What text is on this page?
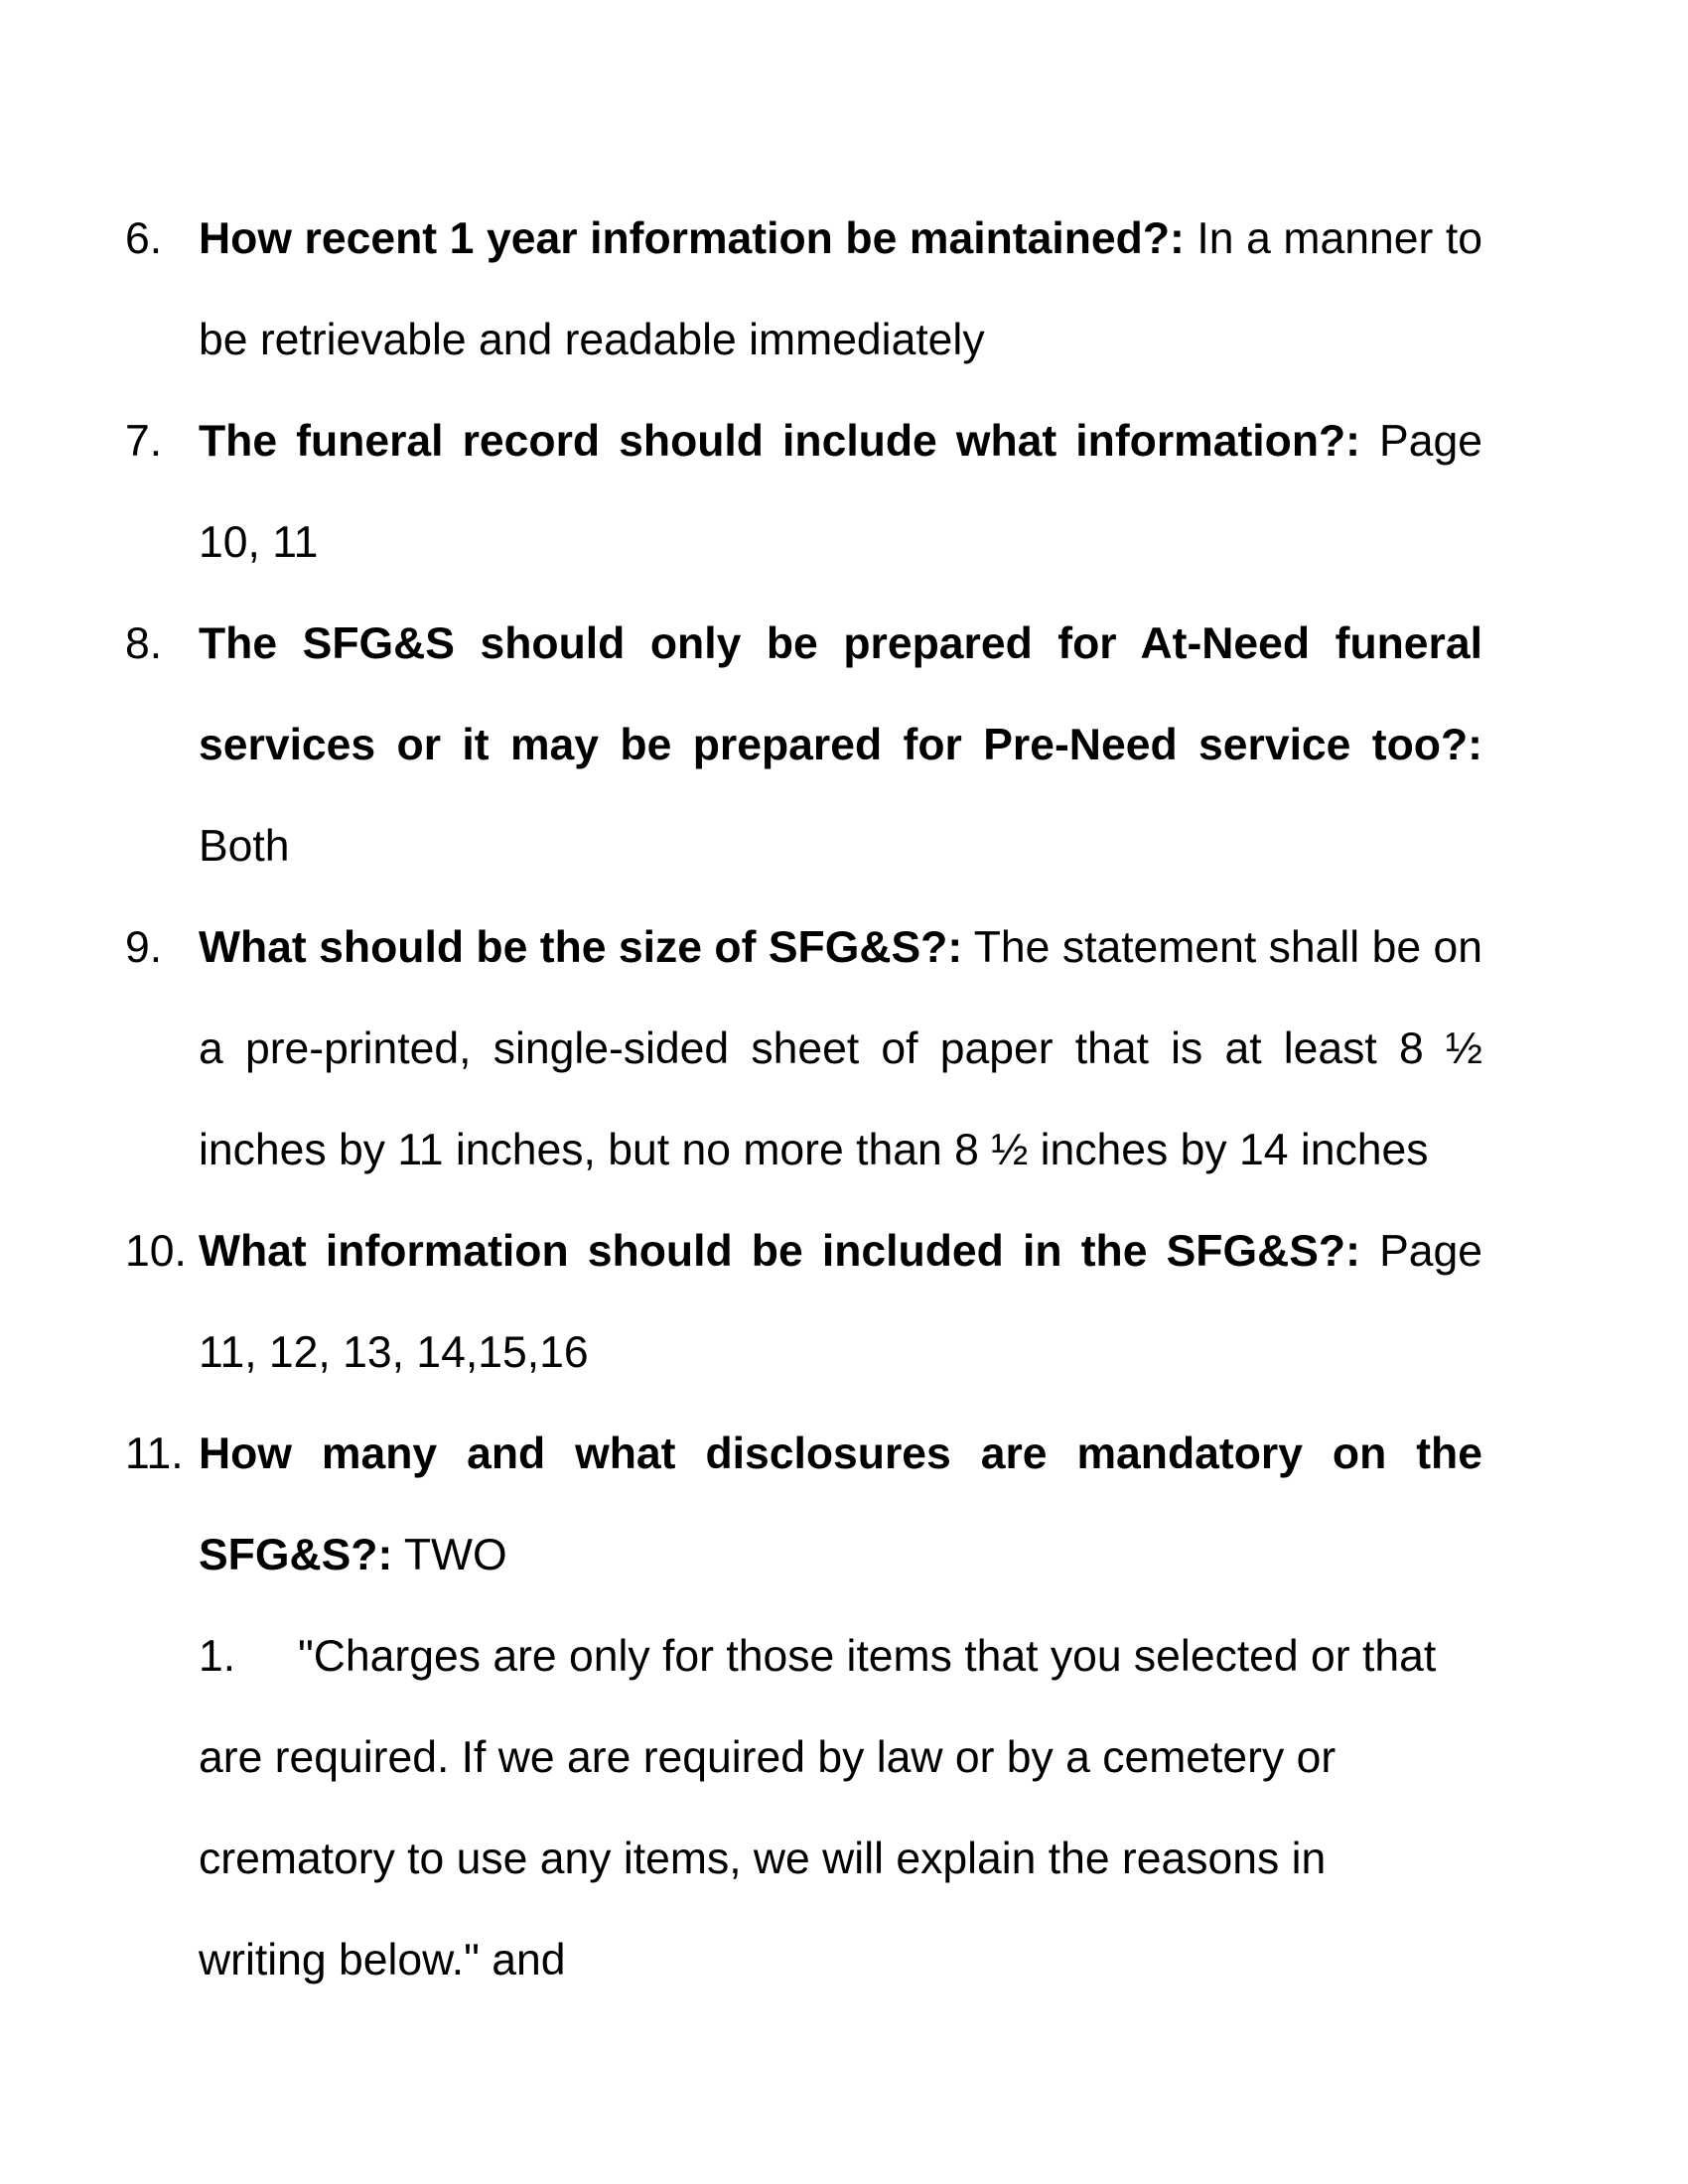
6. How recent 1 year information be maintained?: In a manner to be retrievable and readable immediately
7. The funeral record should include what information?: Page 10, 11
8. The SFG&S should only be prepared for At-Need funeral services or it may be prepared for Pre-Need service too?: Both
9. What should be the size of SFG&S?: The statement shall be on a pre-printed, single-sided sheet of paper that is at least 8 ½ inches by 11 inches, but no more than 8 ½ inches by 14 inches
10. What information should be included in the SFG&S?: Page 11, 12, 13, 14,15,16
11. How many and what disclosures are mandatory on the SFG&S?: TWO
1. "Charges are only for those items that you selected or that are required. If we are required by law or by a cemetery or crematory to use any items, we will explain the reasons in writing below." and
